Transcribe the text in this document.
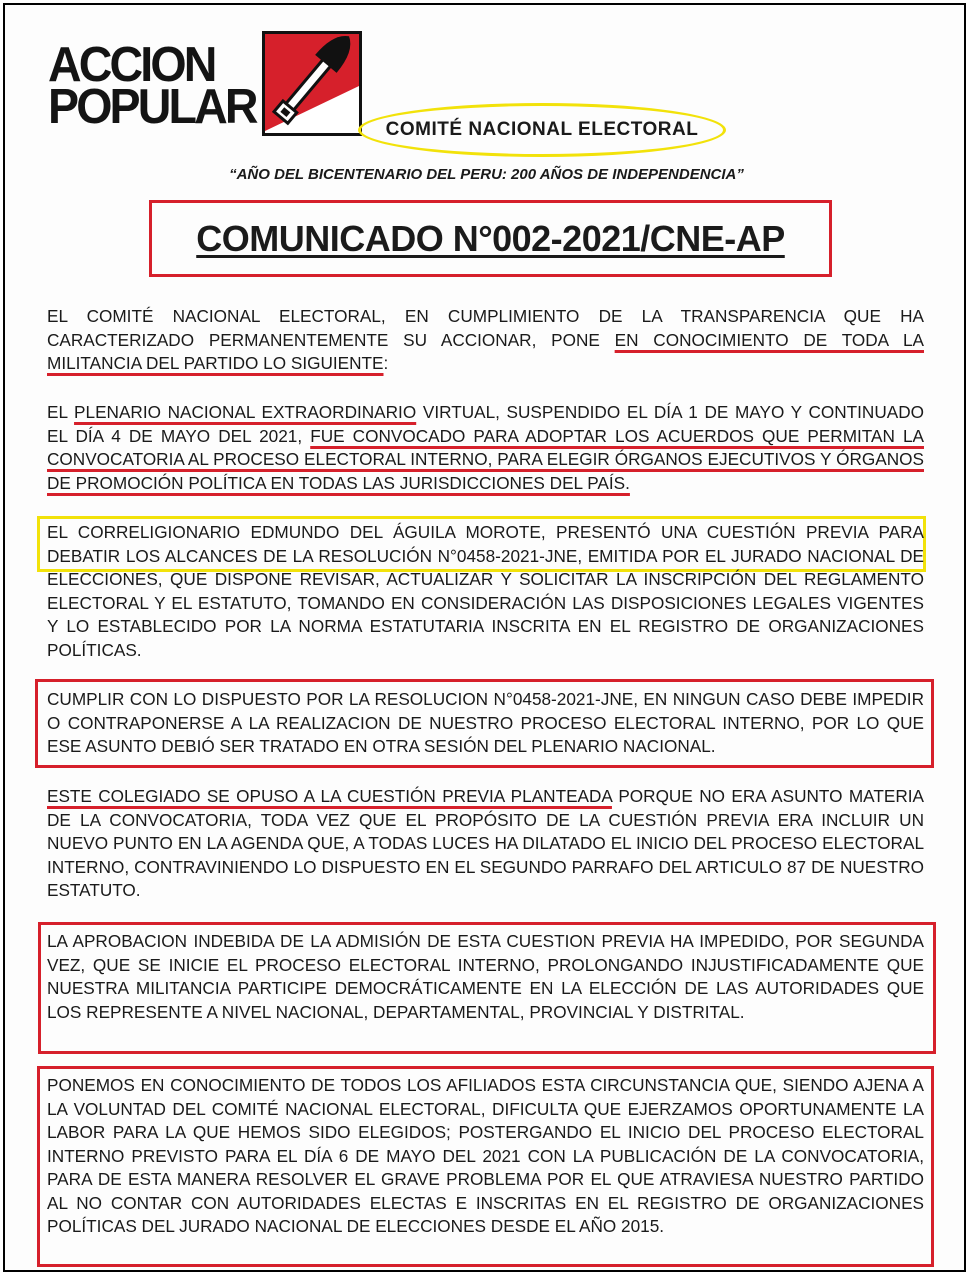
ACCION
POPULAR	COMITÉ NACIONAL ELECTORAL
“AÑO DEL BICENTENARIO DEL PERU: 200 AÑOS DE INDEPENDENCIA”
COMUNICADO N°002-2021/CNE-AP

EL COMITÉ NACIONAL ELECTORAL, EN CUMPLIMIENTO DE LA TRANSPARENCIA QUE HA CARACTERIZADO PERMANENTEMENTE SU ACCIONAR, PONE EN CONOCIMIENTO DE TODA LA MILITANCIA DEL PARTIDO LO SIGUIENTE:

EL PLENARIO NACIONAL EXTRAORDINARIO VIRTUAL, SUSPENDIDO EL DÍA 1 DE MAYO Y CONTINUADO EL DÍA 4 DE MAYO DEL 2021, FUE CONVOCADO PARA ADOPTAR LOS ACUERDOS QUE PERMITAN LA CONVOCATORIA AL PROCESO ELECTORAL INTERNO, PARA ELEGIR ÓRGANOS EJECUTIVOS Y ÓRGANOS DE PROMOCIÓN POLÍTICA EN TODAS LAS JURISDICCIONES DEL PAÍS.

EL CORRELIGIONARIO EDMUNDO DEL ÁGUILA MOROTE, PRESENTÓ UNA CUESTIÓN PREVIA PARA DEBATIR LOS ALCANCES DE LA RESOLUCIÓN N°0458-2021-JNE, EMITIDA POR EL JURADO NACIONAL DE ELECCIONES, QUE DISPONE REVISAR, ACTUALIZAR Y SOLICITAR LA INSCRIPCIÓN DEL REGLAMENTO ELECTORAL Y EL ESTATUTO, TOMANDO EN CONSIDERACIÓN LAS DISPOSICIONES LEGALES VIGENTES Y LO ESTABLECIDO POR LA NORMA ESTATUTARIA INSCRITA EN EL REGISTRO DE ORGANIZACIONES POLÍTICAS.

CUMPLIR CON LO DISPUESTO POR LA RESOLUCION N°0458-2021-JNE, EN NINGUN CASO DEBE IMPEDIR O CONTRAPONERSE A LA REALIZACION DE NUESTRO PROCESO ELECTORAL INTERNO, POR LO QUE ESE ASUNTO DEBIÓ SER TRATADO EN OTRA SESIÓN DEL PLENARIO NACIONAL.

ESTE COLEGIADO SE OPUSO A LA CUESTIÓN PREVIA PLANTEADA PORQUE NO ERA ASUNTO MATERIA DE LA CONVOCATORIA, TODA VEZ QUE EL PROPÓSITO DE LA CUESTIÓN PREVIA ERA INCLUIR UN NUEVO PUNTO EN LA AGENDA QUE, A TODAS LUCES HA DILATADO EL INICIO DEL PROCESO ELECTORAL INTERNO, CONTRAVINIENDO LO DISPUESTO EN EL SEGUNDO PARRAFO DEL ARTICULO 87 DE NUESTRO ESTATUTO.

LA APROBACION INDEBIDA DE LA ADMISIÓN DE ESTA CUESTION PREVIA HA IMPEDIDO, POR SEGUNDA VEZ, QUE SE INICIE EL PROCESO ELECTORAL INTERNO, PROLONGANDO INJUSTIFICADAMENTE QUE NUESTRA MILITANCIA PARTICIPE DEMOCRÁTICAMENTE EN LA ELECCIÓN DE LAS AUTORIDADES QUE LOS REPRESENTE A NIVEL NACIONAL, DEPARTAMENTAL, PROVINCIAL Y DISTRITAL.

PONEMOS EN CONOCIMIENTO DE TODOS LOS AFILIADOS ESTA CIRCUNSTANCIA QUE, SIENDO AJENA A LA VOLUNTAD DEL COMITÉ NACIONAL ELECTORAL, DIFICULTA QUE EJERZAMOS OPORTUNAMENTE LA LABOR PARA LA QUE HEMOS SIDO ELEGIDOS; POSTERGANDO EL INICIO DEL PROCESO ELECTORAL INTERNO PREVISTO PARA EL DÍA 6 DE MAYO DEL 2021 CON LA PUBLICACIÓN DE LA CONVOCATORIA, PARA DE ESTA MANERA RESOLVER EL GRAVE PROBLEMA POR EL QUE ATRAVIESA NUESTRO PARTIDO AL NO CONTAR CON AUTORIDADES ELECTAS E INSCRITAS EN EL REGISTRO DE ORGANIZACIONES POLÍTICAS DEL JURADO NACIONAL DE ELECCIONES DESDE EL AÑO 2015.
